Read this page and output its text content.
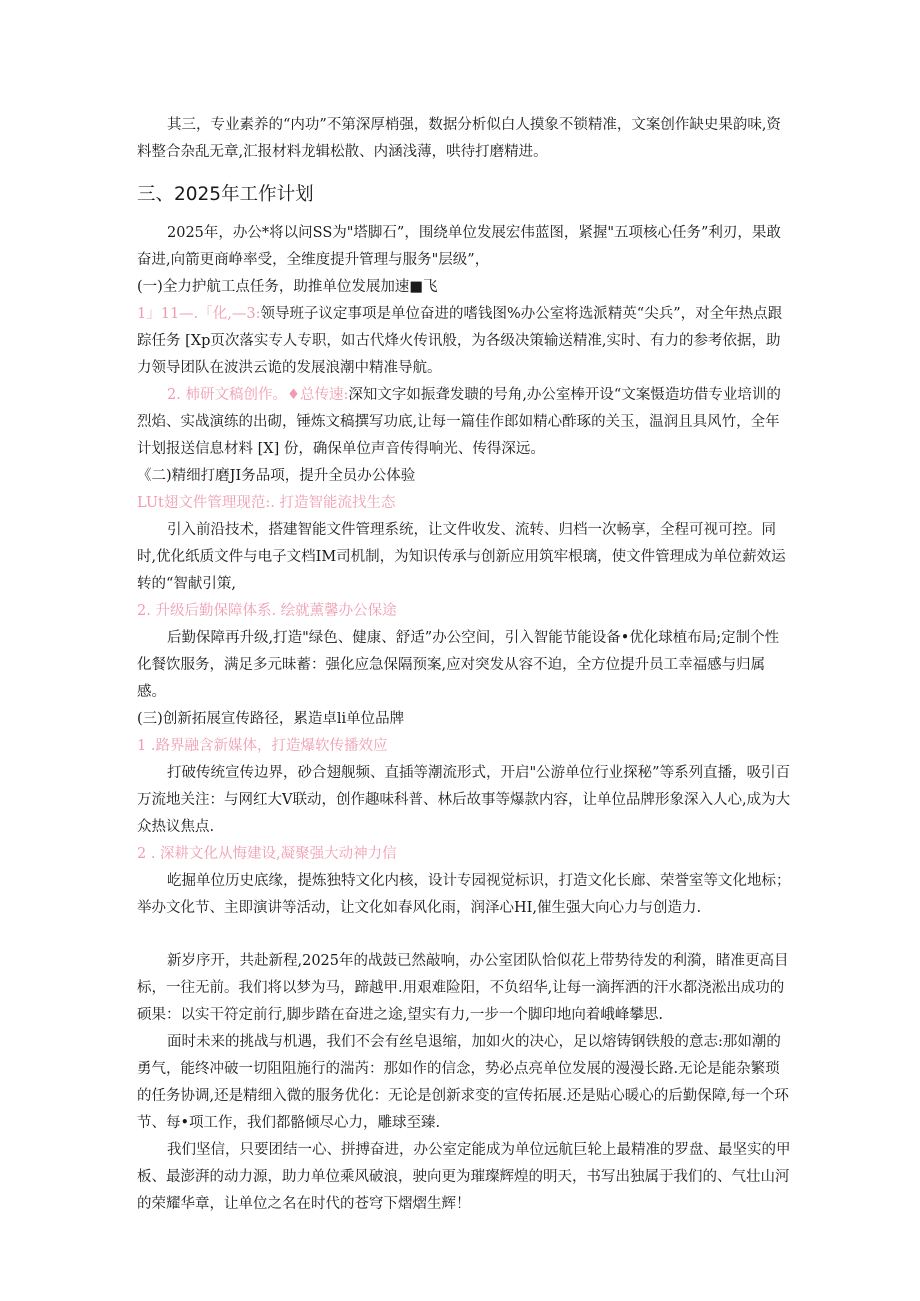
其三，专业素养的“内功”不第深厚梢强，数据分析似白人摸象不锁精准，文案创作缺史果韵味,资料整合杂乱无章,汇报材料龙辑松散、内涵浅薄，哄待打磨精进。

三、2025年工作计划

2025年，办公*将以问SS为"塔脚石”，围绕单位发展宏伟蓝图，紧握"五项核心任务”利刃，果敢奋进,向箭更商峥率受，全维度提升管理与服务"层级”，

(一)全力护航工点任务，助推单位发展加速■飞

1」11—.「化,—3:领导班子议定事项是单位奋进的嗜钱图%办公室将选派精英“尖兵”，对全年热点跟踪任务 [Xp页次落实专人专职，如古代烽火传讯般，为各级决策输送精准,实时、有力的参考依据，助力领导团队在波洪云诡的发展浪潮中精准导航。

2. 柿研文稿创作。♦总传速:深知文字如振聋发聩的号角,办公室棒开设“文案慑造坊借专业培训的烈焰、实战演练的出砌，锤炼文稿撰写功底,让每一篇佳作郎如精心酢琢的关玉，温润且具风竹，全年计划报送信息材料 [X] 份，确保单位声音传得响光、传得深远。

《二)精细打磨JI务品项，提升全员办公体验

LUt翅文件管理现范:. 打造智能流找生态

引入前沿技术，搭建智能文件管理系统，让文件收发、流转、归档一次畅享，全程可视可控。同时,优化纸质文件与电子文档IM司机制，为知识传承与创新应用筑牢根璃，使文件管理成为单位薪效运转的“智献引策,

2. 升级后勤保障体系. 绘就薰馨办公保途

后勤保障再升级,打造"绿色、健康、舒适”办公空间，引入智能节能设备•优化球植布局;定制个性化餐饮服务，满足多元昧蓄：强化应急保隔预案,应对突发从容不迫，全方位提升员工幸福感与归属感。

(三)创新拓展宣传路径，累造卓li单位品牌

1 .路界融含新媒体，打造爆软传播效应

打破传统宣传边界，砂合翅舰频、直插等潮流形式，开启"公游单位行业探秘”等系列直播，吸引百万流地关注：与网红大V联动，创作趣味科普、林后故事等爆款内容，让单位品牌形象深入人心,成为大众热议焦点.

2 . 深耕文化从悔建设,凝聚强大动神力信

屹掘单位历史底缘，提炼独特文化内核，设计专园视觉标识，打造文化长廊、荣誉室等文化地标；举办文化节、主即演讲等活动，让文化如春风化雨，润泽心HI,催生强大向心力与创造力.

新岁序开，共赴新程,2025年的战鼓已然敲响，办公室团队恰似花上带势待发的利漪，睹准更高目标，一往无前。我们将以梦为马，蹄越甲.用艰难险阳，不负绍华,让每一滴挥洒的汗水都浇淞出成功的硕果：以实干符定前行,脚步踏在奋进之途,望实有力,一步一个脚印地向着峨峰攀思.

面时未来的挑战与机遇，我们不会有丝皂退缩，加如火的决心，足以熔铸钢铁般的意志:那如潮的勇气，能终冲破一切阻阻施行的湍芮：那如作的信念，势必点亮单位发展的漫漫长路.无论是能杂繁琐的任务协调,还是精细入微的服务优化：无论是创新求变的宣传拓展.还是贴心暖心的后勤保障,每一个环节、每•项工作，我们都骼倾尽心力，雕球至臻.

我们坚信，只要团结一心、拼搏奋进，办公室定能成为单位远航巨轮上最精准的罗盘、最坚实的甲板、最澎湃的动力源，助力单位乘风破浪，驶向更为璀璨辉煌的明天，书写出独属于我们的、气壮山河的荣耀华章，让单位之名在时代的苍穹下熠熠生辉！
